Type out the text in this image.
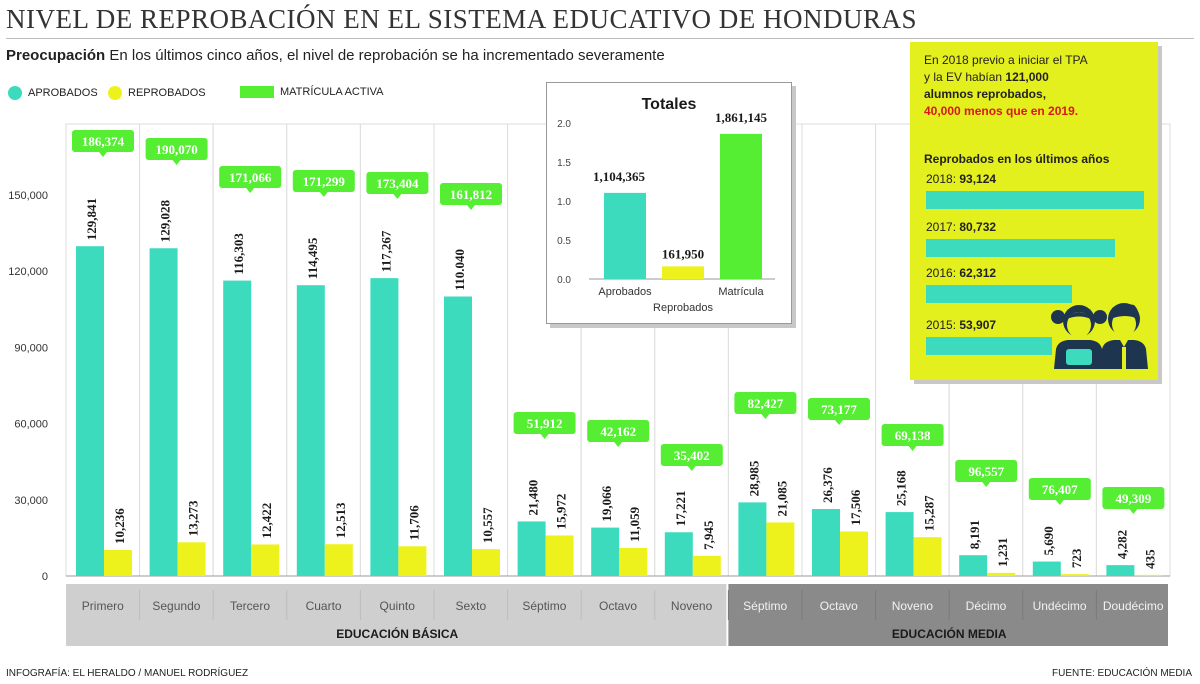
NIVEL DE REPROBACIÓN EN EL SISTEMA EDUCATIVO DE HONDURAS
Preocupación En los últimos cinco años, el nivel de reprobación se ha incrementado severamente
APROBADOS	REPROBADOS	MATRÍCULA ACTIVA
0
30,000
60,000
90,000
120,000
150,000
129,841
10,236
186,374
129,028
13,273
190,070
116,303
12,422
171,066
114,495
12,513
171,299
117,267
11,706
173,404
110.040
10,557
161,812
21,480 15,972
51,912
19,066
11,059
42,162
17,221
7,945
35,402
28,985
21,085
82,427
26,376
17,506
73,177
25,168
15,287
69,138
8,191
1,231
96,557
5,690
723
76,407
4,282
435
49,309
EDUCACIÓN BÁSICA	EDUCACIÓN MEDIA
Primero Segundo Tercero	Cuarto	Quinto	Sexto	Séptimo	Octavo	Noveno	Séptimo	Octavo	Noveno	Décimo Undécimo Doudécimo
Totales
0.0
0.5
1.0
1.5
2.0
1,104,365
161,950
1,861,145
Aprobados
Reprobados
Matrícula
En 2018 previo a iniciar el TPA
y la EV habían 121,000
alumnos reprobados,
40,000 menos que en 2019.
Reprobados en los últimos años
2018: 93,124
2017: 80,732
2016: 62,312
2015: 53,907
INFOGRAFÍA: EL HERALDO / MANUEL RODRÍGUEZ	FUENTE: EDUCACIÓN MEDIA
